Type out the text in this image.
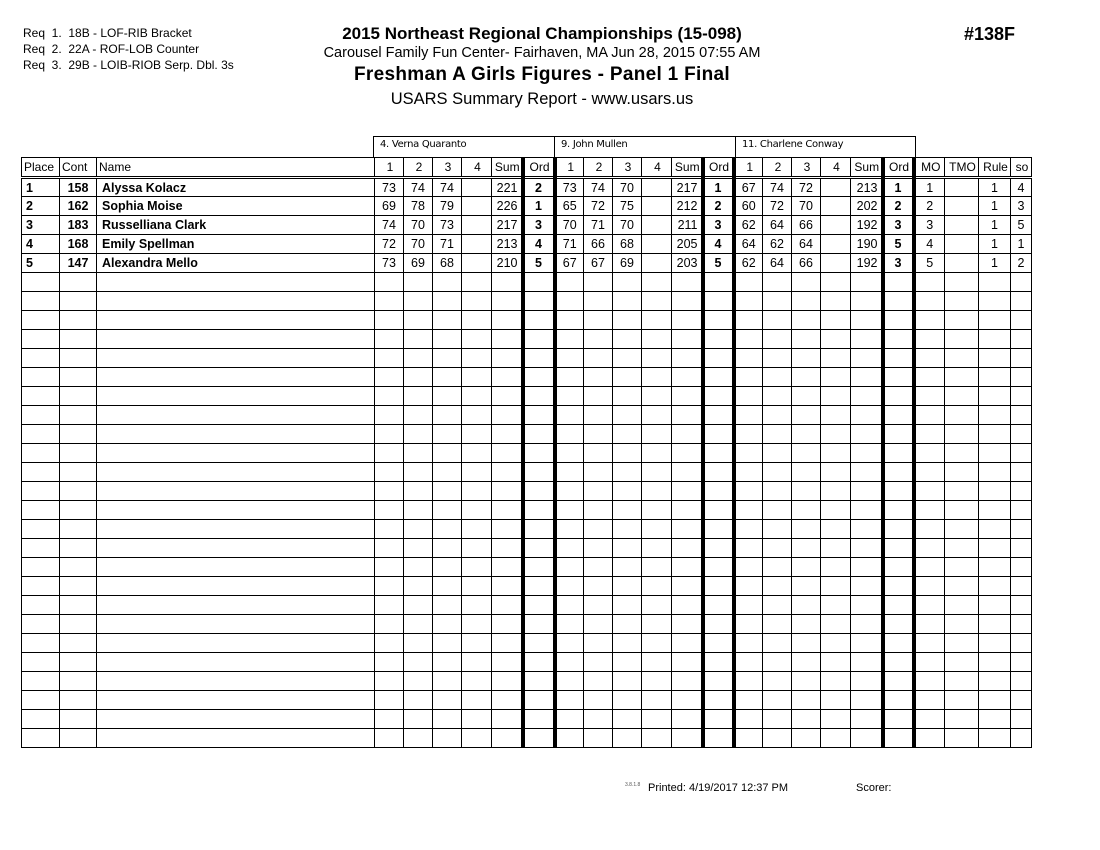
Req  1.  18B - LOF-RIB Bracket
Req  2.  22A - ROF-LOB Counter
Req  3.  29B - LOIB-RIOB Serp. Dbl. 3s
2015 Northeast Regional Championships (15-098)
Carousel Family Fun Center- Fairhaven, MA Jun 28, 2015 07:55 AM
Freshman A Girls Figures - Panel 1 Final
USARS Summary Report - www.usars.us
#138F
4. Verna Quaranto	9. John Mullen	11. Charlene Conway
Place	Cont	Name	1	2	3	4	Sum	Ord	1	2	3	4	Sum	Ord	1	2	3	4	Sum	Ord	MO	TMO	Rule	so
1	158	Alyssa Kolacz	73	74	74		221	2	73	74	70		217	1	67	74	72		213	1	1		1	4
2	162	Sophia Moise	69	78	79		226	1	65	72	75		212	2	60	72	70		202	2	2		1	3
3	183	Russelliana Clark	74	70	73		217	3	70	71	70		211	3	62	64	66		192	3	3		1	5
4	168	Emily Spellman	72	70	71		213	4	71	66	68		205	4	64	62	64		190	5	4		1	1
5	147	Alexandra Mello	73	69	68		210	5	67	67	69		203	5	62	64	66		192	3	5		1	2

3.8.1.8 Printed: 4/19/2017 12:37 PM	Scorer:
